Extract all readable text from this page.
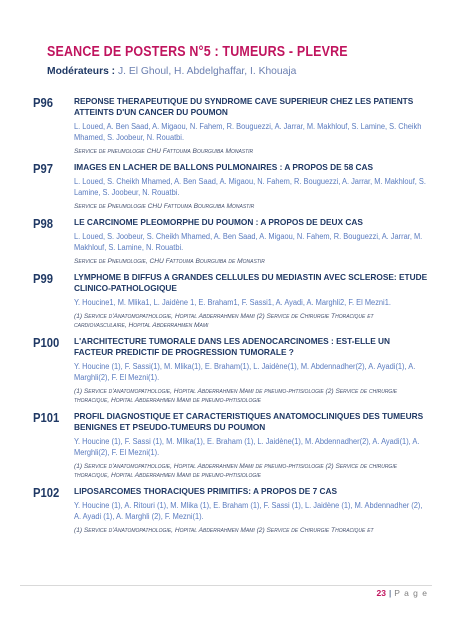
SEANCE DE POSTERS N°5 : TUMEURS - PLEVRE
Modérateurs : J. El Ghoul, H. Abdelghaffar, I. Khouaja
P96	REPONSE THERAPEUTIQUE DU SYNDROME CAVE SUPERIEUR CHEZ LES PATIENTS ATTEINTS D'UN CANCER DU POUMON
L. Loued, A. Ben Saad, A. Migaou, N. Fahem, R. Bouguezzi, A. Jarrar, M. Makhlouf, S. Lamine, S. Cheikh Mhamed, S. Joobeur, N. Rouatbi.
Service de pneumologie CHU Fattouma Bourguiba Monastir
P97	IMAGES EN LACHER DE BALLONS PULMONAIRES : A PROPOS DE 58 CAS
L. Loued, S. Cheikh Mhamed, A. Ben Saad, A. Migaou, N. Fahem, R. Bouguezzi, A. Jarrar, M. Makhlouf, S. Lamine, S. Joobeur, N. Rouatbi.
Service de Pneumologie CHU Fattouma Bourguiba Monastir
P98	LE CARCINOME PLEOMORPHE DU POUMON : A PROPOS DE DEUX CAS
L. Loued, S. Joobeur, S. Cheikh Mhamed, A. Ben Saad, A. Migaou, N. Fahem, R. Bouguezzi, A. Jarrar, M. Makhlouf, S. Lamine, N. Rouatbi.
Service de Pneumologie, CHU Fattouma Bourguiba de Monastir
P99	LYMPHOME B DIFFUS A GRANDES CELLULES DU MEDIASTIN AVEC SCLEROSE: ETUDE CLINICO-PATHOLOGIQUE
Y. Houcine1, M. Mlika1, L. Jaidène 1, E. Braham1, F. Sassi1, A. Ayadi, A. Marghli2, F. El Mezni1.
(1) Service d'Anatomopathologie, Hopital Abderrahmen Mami (2) Service de Chirurgie Thoracique et cardiovasculaire, Hopital Abderrahmen Mami
P100 L'ARCHITECTURE TUMORALE DANS LES ADENOCARCINOMES : EST-ELLE UN FACTEUR PREDICTIF DE PROGRESSION TUMORALE ?
Y. Houcine (1), F. Sassi(1), M. Mlika(1), E. Braham(1), L. Jaidène(1), M. Abdennadher(2), A. Ayadi(1), A. Marghli(2), F. El Mezni(1).
(1) Service d'anatomopathologie, Hopital Abderrahmen Mami de pneumo-phtisiologie (2) Service de chirurgie thoracique, Hopital Abderrahmen Mami de pneumo-phtisiologie
P101 PROFIL DIAGNOSTIQUE ET CARACTERISTIQUES ANATOMOCLINIQUES DES TUMEURS BENIGNES ET PSEUDO-TUMEURS DU POUMON
Y. Houcine (1), F. Sassi (1), M. Mlika(1), E. Braham (1), L. Jaidène(1), M. Abdennadher(2), A. Ayadi(1), A. Merghli(2), F. El Mezni(1).
(1) Service d'anatomopathologie, Hopital Abderrahmen Mami de pneumo-phtisiologie (2) Service de chirurgie thoracique, Hopital Abderrahmen Mami de pneumo-phtisiologie
P102 LIPOSARCOMES THORACIQUES PRIMITIFS: A PROPOS DE 7 CAS
Y. Houcine (1), A. Ritouri (1), M. Mlika (1), E. Braham (1), F. Sassi (1), L. Jaidène (1), M. Abdennadher (2), A. Ayadi (1), A. Marghli (2), F. Mezni(1).
(1) Service d'Anatomopathologie, Hopital Abderrahmen Mami (2) Service de Chirurgie Thoracique et
23 | P a g e
